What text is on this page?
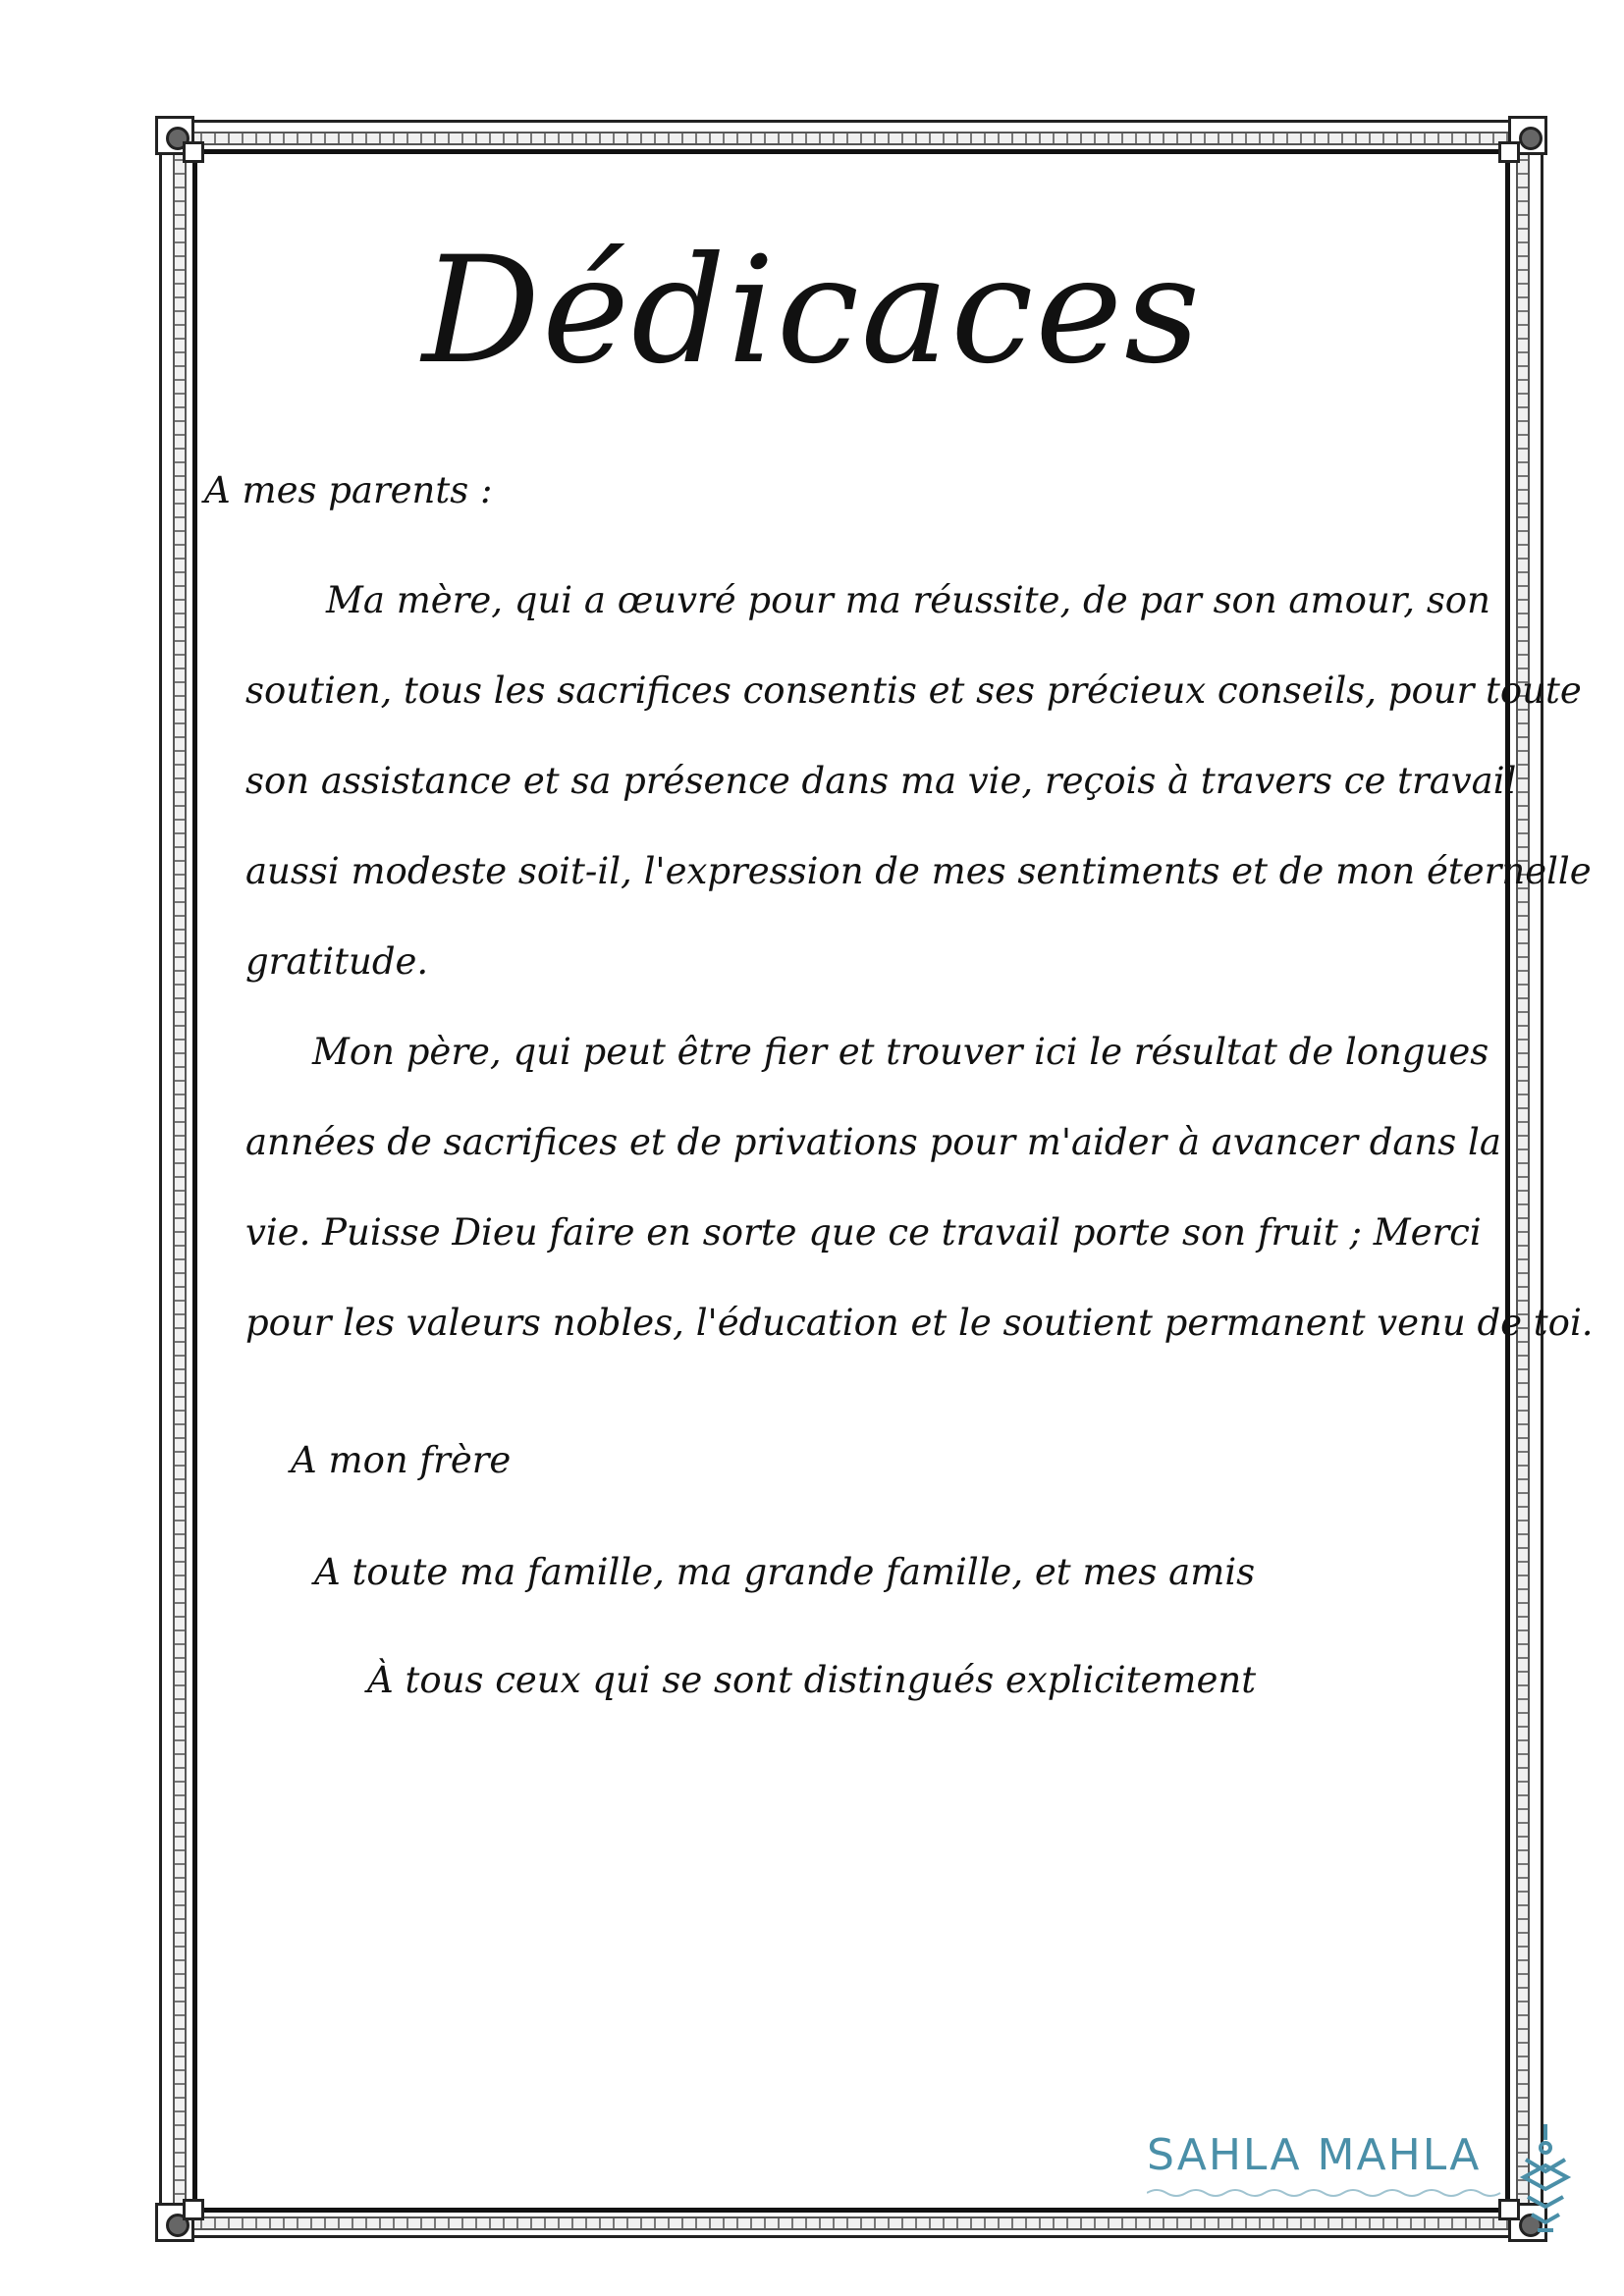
Dédicaces
A mes parents :
Ma mère, qui a œuvré pour ma réussite, de par son amour, son
soutien, tous les sacrifices consentis et ses précieux conseils, pour toute
son assistance et sa présence dans ma vie, reçois à travers ce travail
aussi modeste soit-il, l'expression de mes sentiments et de mon éternelle
gratitude.
Mon père, qui peut être fier et trouver ici le résultat de longues
années de sacrifices et de privations pour m'aider à avancer dans la
vie. Puisse Dieu faire en sorte que ce travail porte son fruit ; Merci
pour les valeurs nobles, l'éducation et le soutient permanent venu de toi.
A mon frère
A toute ma famille, ma grande famille, et mes amis
À tous ceux qui se sont distingués explicitement
SAHLA MAHLA
